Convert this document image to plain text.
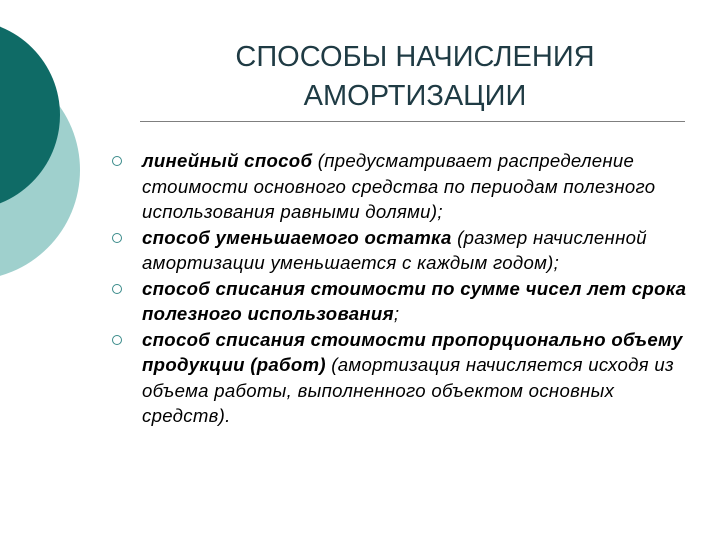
СПОСОБЫ НАЧИСЛЕНИЯ
АМОРТИЗАЦИИ
линейный способ (предусматривает распределение стоимости основного средства по периодам полезного использования равными долями);
способ уменьшаемого остатка (размер начисленной амортизации уменьшается с каждым годом);
способ списания стоимости по сумме чисел лет срока полезного использования;
способ списания стоимости пропорционально объему продукции (работ) (амортизация начисляется исходя из объема работы, выполненного объектом основных средств).
